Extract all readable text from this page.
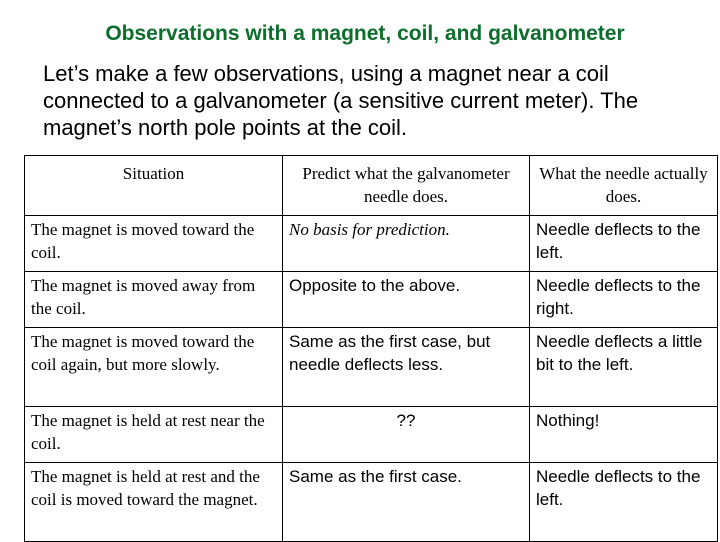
Observations with a magnet, coil, and galvanometer
Let’s make a few observations, using a magnet near a coil connected to a galvanometer (a sensitive current meter). The magnet’s north pole points at the coil.
Situation	Predict what the galvanometer needle does.	What the needle actually does.
The magnet is moved toward the coil.	No basis for prediction.	Needle deflects to the left.
The magnet is moved away from the coil.	Opposite to the above.	Needle deflects to the right.
The magnet is moved toward the coil again, but more slowly.	Same as the first case, but needle deflects less.	Needle deflects a little bit to the left.
The magnet is held at rest near the coil.	??	Nothing!
The magnet is held at rest and the coil is moved toward the magnet.	Same as the first case.	Needle deflects to the left.
